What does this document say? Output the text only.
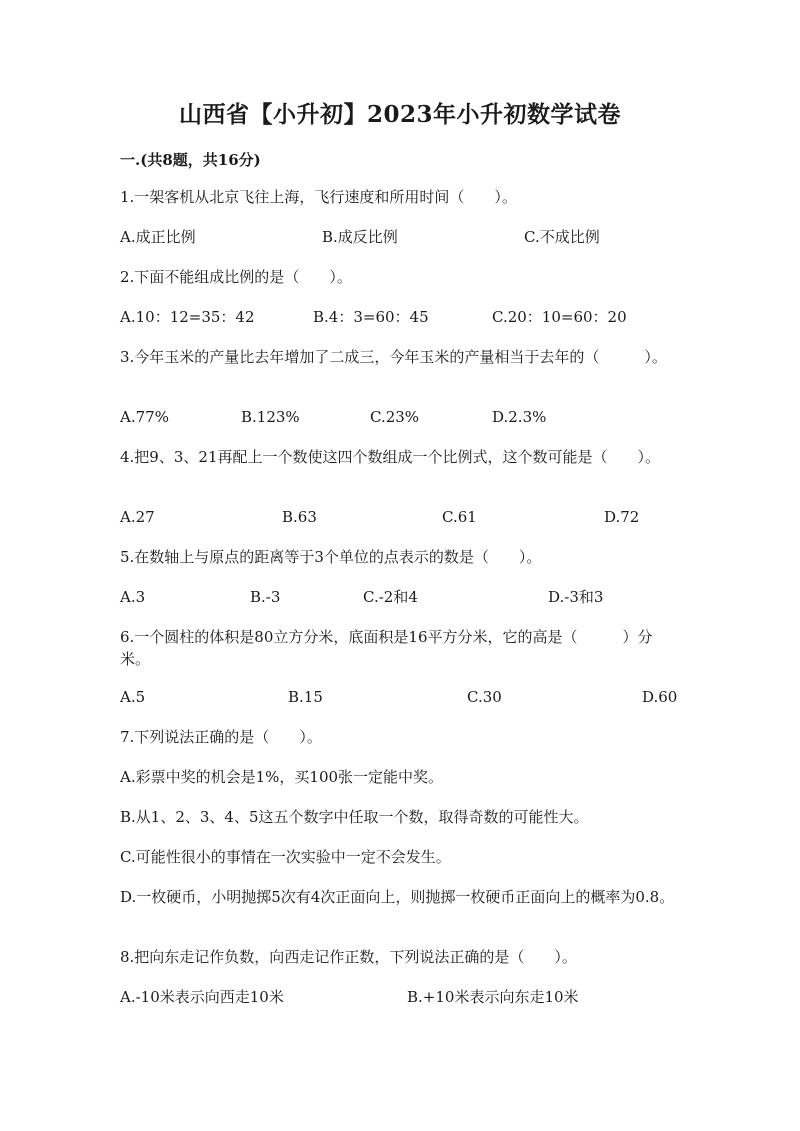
山西省【小升初】2023年小升初数学试卷
一.(共8题，共16分)
1.一架客机从北京飞往上海，飞行速度和所用时间（　　）。
A.成正比例	B.成反比例	C.不成比例
2.下面不能组成比例的是（　　）。
A.10：12=35：42	B.4：3=60：45	C.20：10=60：20
3.今年玉米的产量比去年增加了二成三，今年玉米的产量相当于去年的（　　　）。
A.77%	B.123%	C.23%	D.2.3%
4.把9、3、21再配上一个数使这四个数组成一个比例式，这个数可能是（　　）。
A.27	B.63	C.61	D.72
5.在数轴上与原点的距离等于3个单位的点表示的数是（　　）。
A.3	B.-3	C.-2和4	D.-3和3
6.一个圆柱的体积是80立方分米，底面积是16平方分米，它的高是（　　　）分米。
A.5	B.15	C.30	D.60
7.下列说法正确的是（　　）。
A.彩票中奖的机会是1%，买100张一定能中奖。
B.从1、2、3、4、5这五个数字中任取一个数，取得奇数的可能性大。
C.可能性很小的事情在一次实验中一定不会发生。
D.一枚硬币，小明抛掷5次有4次正面向上，则抛掷一枚硬币正面向上的概率为0.8。
8.把向东走记作负数，向西走记作正数，下列说法正确的是（　　）。
A.-10米表示向西走10米	B.+10米表示向东走10米
